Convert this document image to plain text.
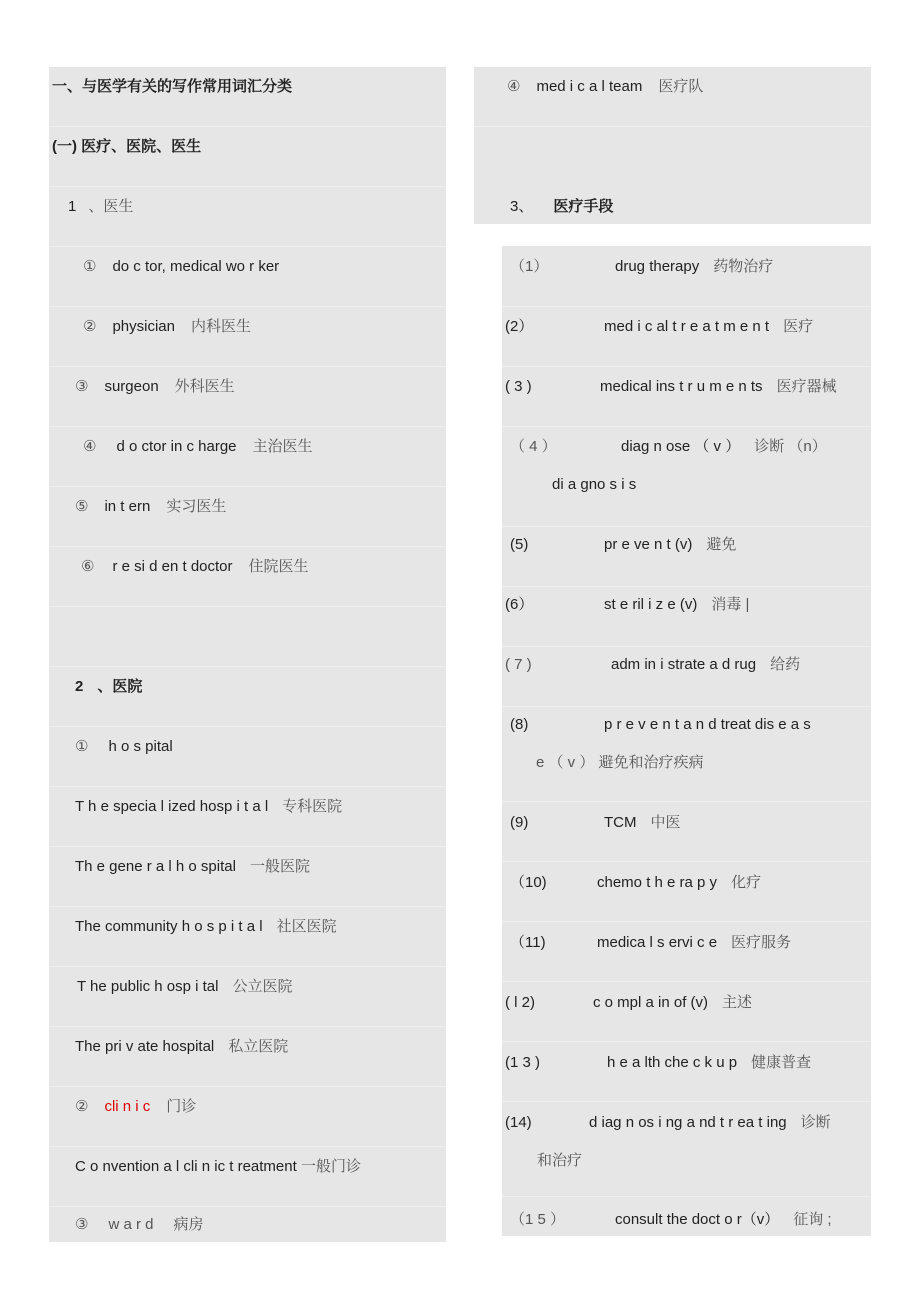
一、与医学有关的写作常用词汇分类
(一) 医疗、医院、医生
1 、医生
① do c tor, medical wo r ker
② physician 内科医生
③ surgeon 外科医生
④ d o ctor in c harge 主治医生
⑤ in t ern 实习医生
⑥ r e si d en t doctor 住院医生
2 、医院
① h o s pital
T h e specia l ized hosp i t a l 专科医院
Th e gene r a l h o spital 一般医院
The community h o s p i t a l 社区医院
T he public h osp i tal 公立医院
The pri v ate hospital 私立医院
② cli n i c 门诊
C o nvention a l cli n ic t reatment 一般门诊
③ w a r d 病房
④ med i c a l team 医疗队
3、 医疗手段
（1）	drug therapy 药物治疗
(2）	med i c al t r e a t m e n t 医疗
( 3 )	medical ins t r u m e n ts 医疗器械
（ 4 ）	diag n ose （ v ） 诊断 （n）
di a gno s i s
(5)	pr e ve n t (v) 避免
(6）	st e ril i z e (v) 消毒 |
( 7 )	adm in i strate a d rug 给药
(8)	p r e v e n t a n d treat dis e a s
e （ v ） 避免和治疗疾病
(9)	TCM 中医
（10)	chemo t h e ra p y 化疗
（11)	medica l s ervi c e 医疗服务
( l 2)	c o mpl a in of (v) 主述
(1 3 )	h e a lth che c k u p 健康普查
(14)	d iag n os i ng a nd t r ea t ing 诊断
和治疗
（1 5 ）	consult the doct o r（v） 征询 ;
